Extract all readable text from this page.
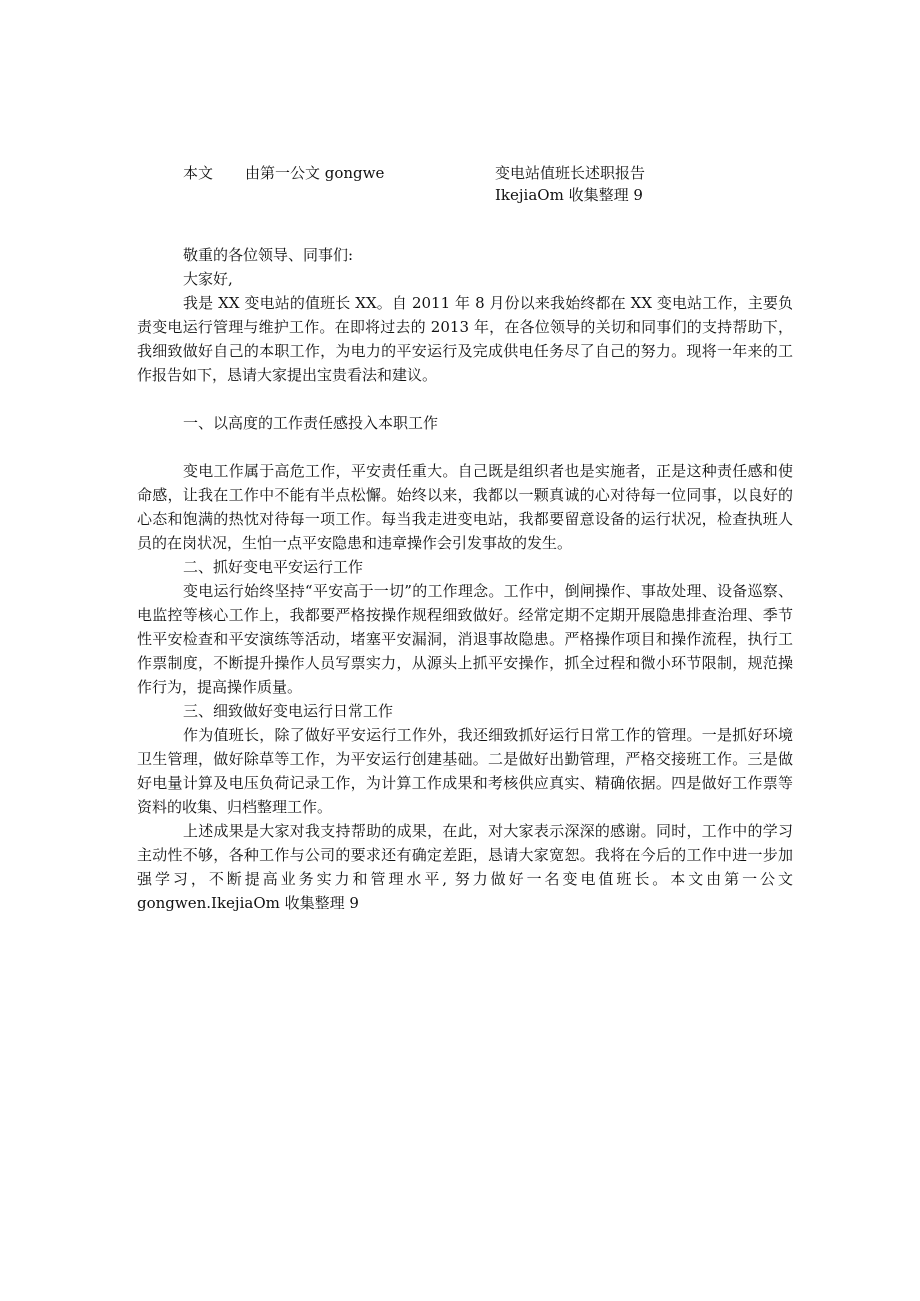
本文 由第一公文 gongwe	变电站值班长述职报告
IkejiaOm 收集整理 9

敬重的各位领导、同事们:

大家好,

我是 XX 变电站的值班长 XX。自 2011 年 8 月份以来我始终都在 XX 变电站工作，主要负责变电运行管理与维护工作。在即将过去的 2013 年，在各位领导的关切和同事们的支持帮助下，我细致做好自己的本职工作，为电力的平安运行及完成供电任务尽了自己的努力。现将一年来的工作报告如下，恳请大家提出宝贵看法和建议。

一、以高度的工作责任感投入本职工作

变电工作属于高危工作，平安责任重大。自己既是组织者也是实施者，正是这种责任感和使命感，让我在工作中不能有半点松懈。始终以来，我都以一颗真诚的心对待每一位同事，以良好的心态和饱满的热忱对待每一项工作。每当我走进变电站，我都要留意设备的运行状况，检查执班人员的在岗状况，生怕一点平安隐患和违章操作会引发事故的发生。

二、抓好变电平安运行工作

变电运行始终坚持“平安高于一切”的工作理念。工作中，倒闸操作、事故处理、设备巡察、电监控等核心工作上，我都要严格按操作规程细致做好。经常定期不定期开展隐患排查治理、季节性平安检查和平安演练等活动，堵塞平安漏洞，消退事故隐患。严格操作项目和操作流程，执行工作票制度，不断提升操作人员写票实力，从源头上抓平安操作，抓全过程和微小环节限制，规范操作行为，提高操作质量。

三、细致做好变电运行日常工作

作为值班长，除了做好平安运行工作外，我还细致抓好运行日常工作的管理。一是抓好环境卫生管理，做好除草等工作，为平安运行创建基础。二是做好出勤管理，严格交接班工作。三是做好电量计算及电压负荷记录工作，为计算工作成果和考核供应真实、精确依据。四是做好工作票等资料的收集、归档整理工作。

上述成果是大家对我支持帮助的成果，在此，对大家表示深深的感谢。同时，工作中的学习主动性不够，各种工作与公司的要求还有确定差距，恳请大家宽恕。我将在今后的工作中进一步加强学习，不断提高业务实力和管理水平, 努力做好一名变电值班长。本文由第一公文 gongwen.IkejiaOm 收集整理 9
